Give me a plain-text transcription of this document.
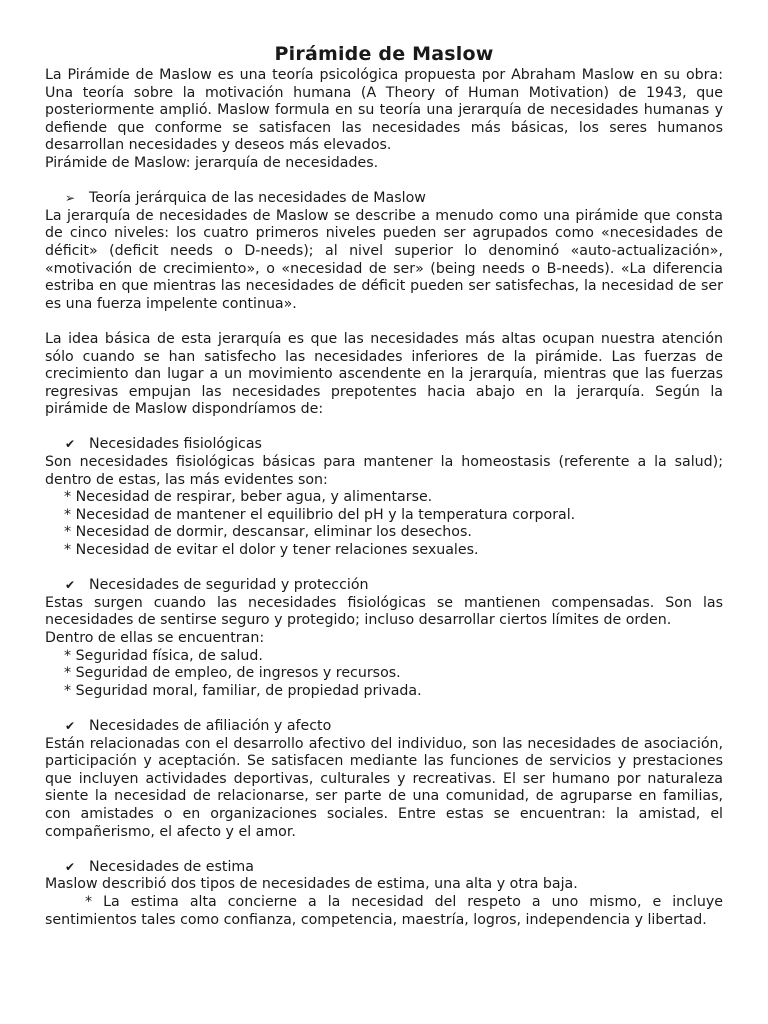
Pirámide de Maslow

La Pirámide de Maslow es una teoría psicológica propuesta por Abraham Maslow en su obra: Una teoría sobre la motivación humana (A Theory of Human Motivation) de 1943, que posteriormente amplió. Maslow formula en su teoría una jerarquía de necesidades humanas y defiende que conforme se satisfacen las necesidades más básicas, los seres humanos desarrollan necesidades y deseos más elevados.

Pirámide de Maslow: jerarquía de necesidades.

➢ Teoría jerárquica de las necesidades de Maslow

La jerarquía de necesidades de Maslow se describe a menudo como una pirámide que consta de cinco niveles: los cuatro primeros niveles pueden ser agrupados como «necesidades de déficit» (deficit needs o D-needs); al nivel superior lo denominó «auto-actualización», «motivación de crecimiento», o «necesidad de ser» (being needs o B-needs). «La diferencia estriba en que mientras las necesidades de déficit pueden ser satisfechas, la necesidad de ser es una fuerza impelente continua».

La idea básica de esta jerarquía es que las necesidades más altas ocupan nuestra atención sólo cuando se han satisfecho las necesidades inferiores de la pirámide. Las fuerzas de crecimiento dan lugar a un movimiento ascendente en la jerarquía, mientras que las fuerzas regresivas empujan las necesidades prepotentes hacia abajo en la jerarquía. Según la pirámide de Maslow dispondríamos de:

✔ Necesidades fisiológicas

Son necesidades fisiológicas básicas para mantener la homeostasis (referente a la salud); dentro de estas, las más evidentes son:

* Necesidad de respirar, beber agua, y alimentarse.
* Necesidad de mantener el equilibrio del pH y la temperatura corporal.
* Necesidad de dormir, descansar, eliminar los desechos.
* Necesidad de evitar el dolor y tener relaciones sexuales.
✔ Necesidades de seguridad y protección

Estas surgen cuando las necesidades fisiológicas se mantienen compensadas. Son las necesidades de sentirse seguro y protegido; incluso desarrollar ciertos límites de orden.

Dentro de ellas se encuentran:

* Seguridad física, de salud.
* Seguridad de empleo, de ingresos y recursos.
* Seguridad moral, familiar, de propiedad privada.
✔ Necesidades de afiliación y afecto

Están relacionadas con el desarrollo afectivo del individuo, son las necesidades de asociación, participación y aceptación. Se satisfacen mediante las funciones de servicios y prestaciones que incluyen actividades deportivas, culturales y recreativas. El ser humano por naturaleza siente la necesidad de relacionarse, ser parte de una comunidad, de agruparse en familias, con amistades o en organizaciones sociales. Entre estas se encuentran: la amistad, el compañerismo, el afecto y el amor.

✔ Necesidades de estima

Maslow describió dos tipos de necesidades de estima, una alta y otra baja.

* La estima alta concierne a la necesidad del respeto a uno mismo, e incluye sentimientos tales como confianza, competencia, maestría, logros, independencia y libertad.
